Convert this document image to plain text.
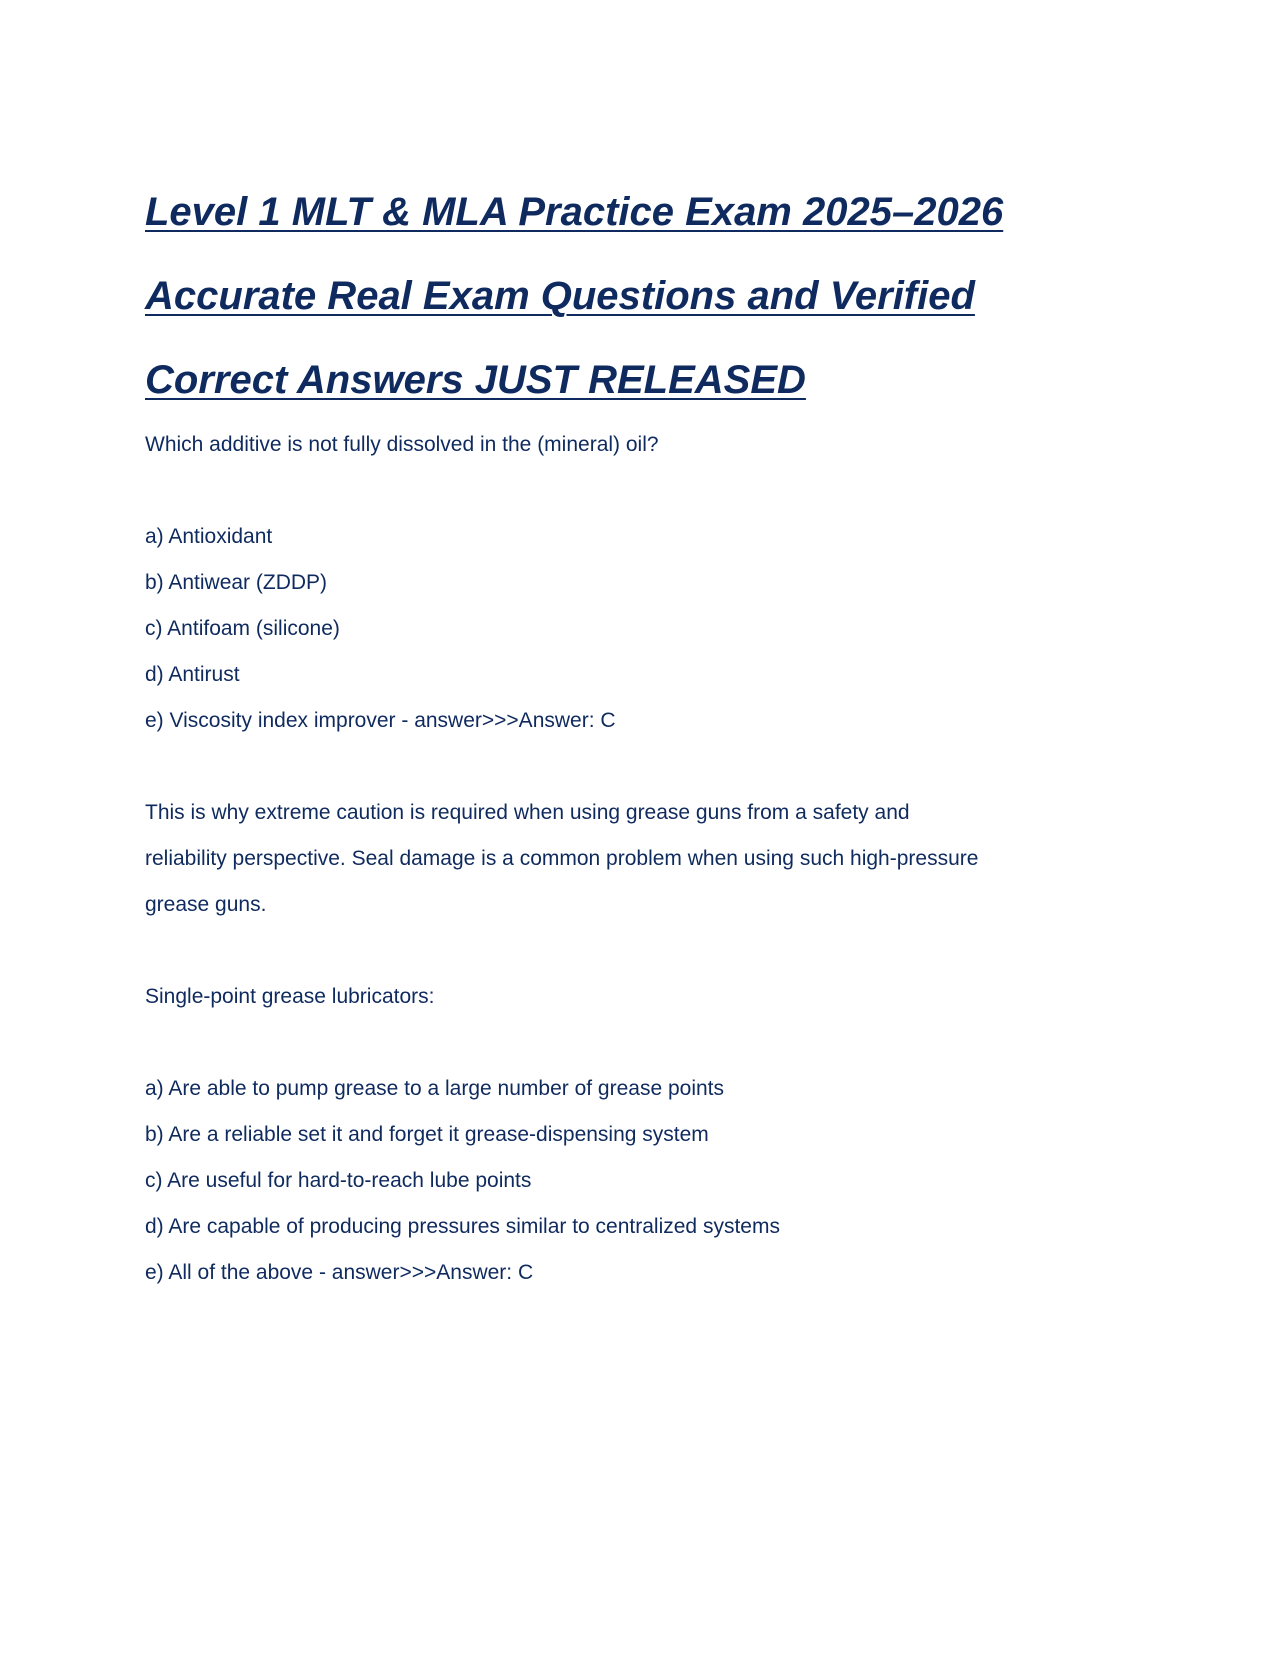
Level 1 MLT & MLA Practice Exam 2025–2026
Accurate Real Exam Questions and Verified
Correct Answers JUST RELEASED
Which additive is not fully dissolved in the (mineral) oil?
a) Antioxidant
b) Antiwear (ZDDP)
c) Antifoam (silicone)
d) Antirust
e) Viscosity index improver - answer>>>Answer: C
This is why extreme caution is required when using grease guns from a safety and
reliability perspective. Seal damage is a common problem when using such high-pressure
grease guns.
Single-point grease lubricators:
a) Are able to pump grease to a large number of grease points
b) Are a reliable set it and forget it grease-dispensing system
c) Are useful for hard-to-reach lube points
d) Are capable of producing pressures similar to centralized systems
e) All of the above - answer>>>Answer: C
